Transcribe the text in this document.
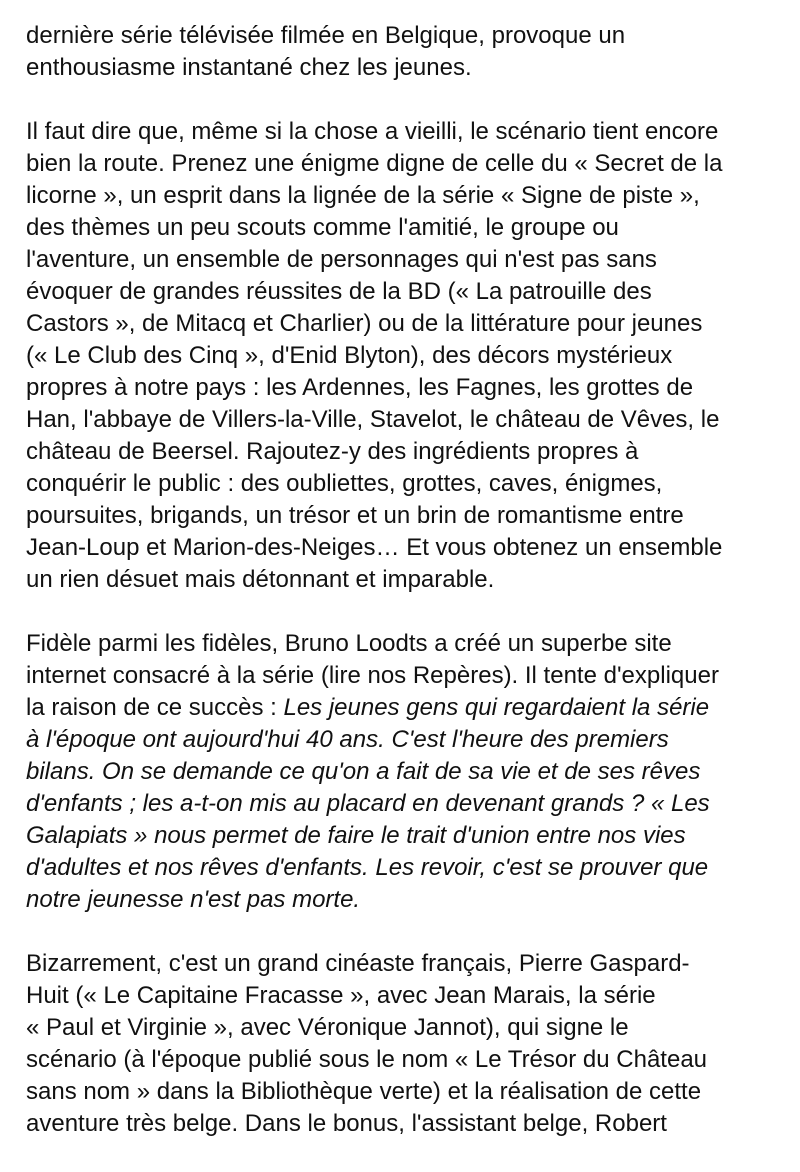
dernière série télévisée filmée en Belgique, provoque un
enthousiasme instantané chez les jeunes.

Il faut dire que, même si la chose a vieilli, le scénario tient encore
bien la route. Prenez une énigme digne de celle du « Secret de la
licorne », un esprit dans la lignée de la série « Signe de piste »,
des thèmes un peu scouts comme l'amitié, le groupe ou
l'aventure, un ensemble de personnages qui n'est pas sans
évoquer de grandes réussites de la BD (« La patrouille des
Castors », de Mitacq et Charlier) ou de la littérature pour jeunes
(« Le Club des Cinq », d'Enid Blyton), des décors mystérieux
propres à notre pays : les Ardennes, les Fagnes, les grottes de
Han, l'abbaye de Villers-la-Ville, Stavelot, le château de Vêves, le
château de Beersel. Rajoutez-y des ingrédients propres à
conquérir le public : des oubliettes, grottes, caves, énigmes,
poursuites, brigands, un trésor et un brin de romantisme entre
Jean-Loup et Marion-des-Neiges… Et vous obtenez un ensemble
un rien désuet mais détonnant et imparable.

Fidèle parmi les fidèles, Bruno Loodts a créé un superbe site
internet consacré à la série (lire nos Repères). Il tente d'expliquer
la raison de ce succès : Les jeunes gens qui regardaient la série
à l'époque ont aujourd'hui 40 ans. C'est l'heure des premiers
bilans. On se demande ce qu'on a fait de sa vie et de ses rêves
d'enfants ; les a-t-on mis au placard en devenant grands ? « Les
Galapiats » nous permet de faire le trait d'union entre nos vies
d'adultes et nos rêves d'enfants. Les revoir, c'est se prouver que
notre jeunesse n'est pas morte.

Bizarrement, c'est un grand cinéaste français, Pierre Gaspard-
Huit (« Le Capitaine Fracasse », avec Jean Marais, la série
« Paul et Virginie », avec Véronique Jannot), qui signe le
scénario (à l'époque publié sous le nom « Le Trésor du Château
sans nom » dans la Bibliothèque verte) et la réalisation de cette
aventure très belge. Dans le bonus, l'assistant belge, Robert
